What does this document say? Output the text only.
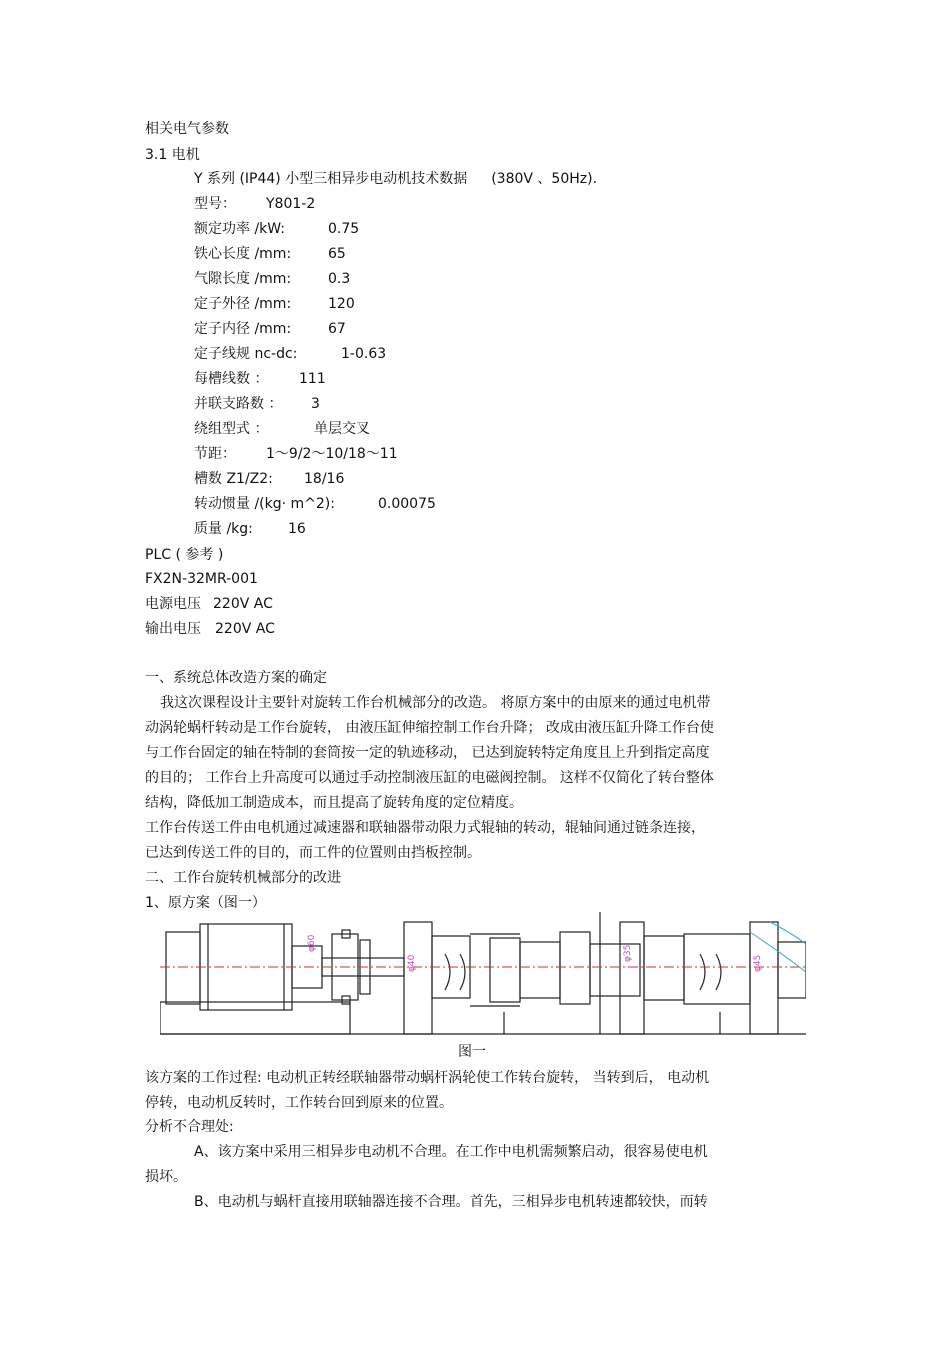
相关电气参数
3.1 电机
Y 系列 (IP44) 小型三相异步电动机技术数据 (380V 、50Hz).
型号： Y801-2
额定功率 /kW:	0.75
铁心长度 /mm:	65
气隙长度 /mm:	0.3
定子外径 /mm:	120
定子内径 /mm:	67
定子线规 nc-dc:	1-0.63
每槽线数 ： 111
并联支路数 ： 3
绕组型式 ：	单层交叉
节距： 1～9/2～10/18～11
槽数 Z1/Z2: 18/16
转动惯量 /(kg· m^2):	0.00075
质量 /kg:	16
PLC ( 参考 )
FX2N-32MR-001
电源电压 220V AC
输出电压 220V AC
一、系统总体改造方案的确定
我这次课程设计主要针对旋转工作台机械部分的改造。 将原方案中的由原来的通过电机带
动涡轮蜗杆转动是工作台旋转， 由液压缸伸缩控制工作台升降； 改成由液压缸升降工作台使
与工作台固定的轴在特制的套筒按一定的轨迹移动， 已达到旋转特定角度且上升到指定高度
的目的； 工作台上升高度可以通过手动控制液压缸的电磁阀控制。 这样不仅简化了转台整体
结构，降低加工制造成本，而且提高了旋转角度的定位精度。
工作台传送工件由电机通过减速器和联轴器带动限力式辊轴的转动，辊轴间通过链条连接，
已达到传送工件的目的，而工件的位置则由挡板控制。
二、工作台旋转机械部分的改进
1、原方案（图一）
φ60
φ40
φ35
φ45
图一
该方案的工作过程: 电动机正转经联轴器带动蜗杆涡轮使工作转台旋转， 当转到后， 电动机
停转，电动机反转时，工作转台回到原来的位置。
分析不合理处:
A、该方案中采用三相异步电动机不合理。在工作中电机需频繁启动，很容易使电机
损坏。
B、电动机与蜗杆直接用联轴器连接不合理。首先，三相异步电机转速都较快，而转
